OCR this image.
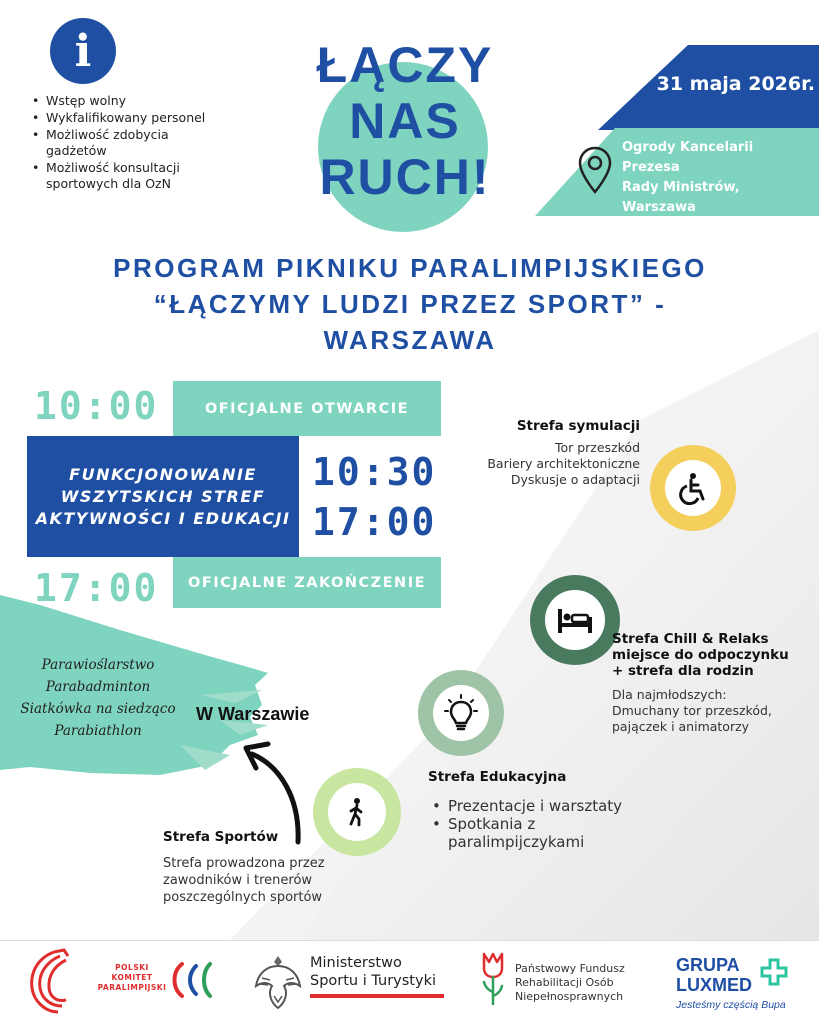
i
• Wstęp wolny
• Wykfalifikowany personel
• Możliwość zdobycia gadżetów
• Możliwość konsultacji sportowych dla OzN
ŁĄCZY
NAS
RUCH!
31 maja 2026r.
Ogrody Kancelarii Prezesa
Rady Ministrów,
Warszawa
PROGRAM PIKNIKU PARALIMPIJSKIEGO
“ŁĄCZYMY LUDZI PRZEZ SPORT” -
WARSZAWA
10:00	OFICJALNE OTWARCIE
FUNKCJONOWANIE
WSZYTSKICH STREF
AKTYWNOŚCI I EDUKACJI
10:30
17:00
17:00	OFICJALNE ZAKOŃCZENIE
Strefa symulacji
Tor przeszkód
Bariery architektoniczne
Dyskusje o adaptacji
Strefa Chill & Relaks
miejsce do odpoczynku
+ strefa dla rodzin
Dla najmłodszych:
Dmuchany tor przeszkód,
pajączek i animatorzy
Strefa Edukacyjna
• Prezentacje i warsztaty
• Spotkania z
paralimpijczykami
Parawioślarstwo
Parabadminton
Siatkówka na siedząco
Parabiathlon
W Warszawie
Strefa Sportów
Strefa prowadzona przez
zawodników i trenerów
poszczególnych sportów
POLSKI
KOMITET
PARALIMPIJSKI
Ministerstwo
Sportu i Turystyki
Państwowy Fundusz
Rehabilitacji Osób
Niepełnosprawnych
GRUPA
LUXMED
Jesteśmy częścią Bupa
